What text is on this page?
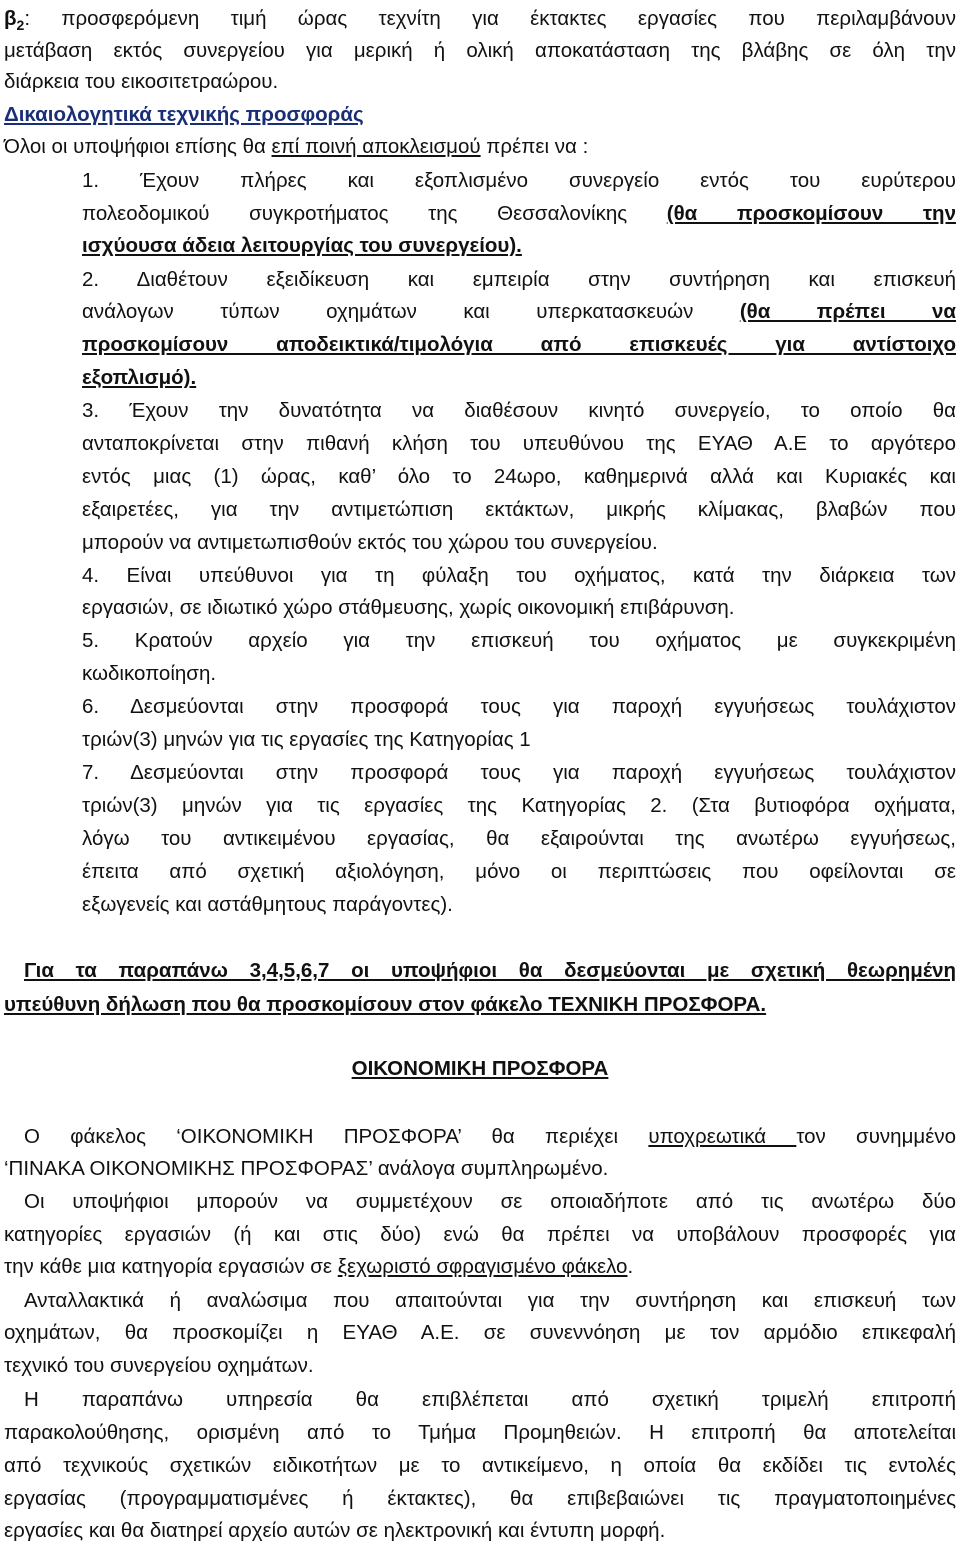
$\beta_2$: προσφερόμενη τιμή ώρας τεχνίτη για έκτακτες εργασίες που περιλαμβάνουν
μετάβαση εκτός συνεργείου για μερική ή ολική αποκατάσταση της βλάβης σε όλη την
διάρκεια του εικοσιτετραώρου.
Δικαιολογητικά τεχνικής προσφοράς
Όλοι οι υποψήφιοι επίσης θα επί ποινή αποκλεισμού πρέπει να :
1. Έχουν πλήρες και εξοπλισμένο συνεργείο εντός του ευρύτερου
πολεοδομικού συγκροτήματος της Θεσσαλονίκης (θα προσκομίσουν την
ισχύουσα άδεια λειτουργίας του συνεργείου).
2. Διαθέτουν εξειδίκευση και εμπειρία στην συντήρηση και επισκευή
ανάλογων τύπων οχημάτων και υπερκατασκευών (θα πρέπει να
προσκομίσουν αποδεικτικά/τιμολόγια από επισκευές για αντίστοιχο
εξοπλισμό).
3. Έχουν την δυνατότητα να διαθέσουν κινητό συνεργείο, το οποίο θα
ανταποκρίνεται στην πιθανή κλήση του υπευθύνου της ΕΥΑΘ Α.Ε το αργότερο
εντός μιας (1) ώρας, καθ’ όλο το 24ωρο, καθημερινά αλλά και Κυριακές και
εξαιρετέες, για την αντιμετώπιση εκτάκτων, μικρής κλίμακας, βλαβών που
μπορούν να αντιμετωπισθούν εκτός του χώρου του συνεργείου.
4. Είναι υπεύθυνοι για τη φύλαξη του οχήματος, κατά την διάρκεια των
εργασιών, σε ιδιωτικό χώρο στάθμευσης, χωρίς οικονομική επιβάρυνση.
5. Κρατούν αρχείο για την επισκευή του οχήματος με συγκεκριμένη
κωδικοποίηση.
6. Δεσμεύονται στην προσφορά τους για παροχή εγγυήσεως τουλάχιστον
τριών(3) μηνών για τις εργασίες της Κατηγορίας 1
7. Δεσμεύονται στην προσφορά τους για παροχή εγγυήσεως τουλάχιστον
τριών(3) μηνών για τις εργασίες της Κατηγορίας 2. (Στα βυτιοφόρα οχήματα,
λόγω του αντικειμένου εργασίας, θα εξαιρούνται της ανωτέρω εγγυήσεως,
έπειτα από σχετική αξιολόγηση, μόνο οι περιπτώσεις που οφείλονται σε
εξωγενείς και αστάθμητους παράγοντες).
Για τα παραπάνω 3,4,5,6,7 οι υποψήφιοι θα δεσμεύονται με σχετική θεωρημένη
υπεύθυνη δήλωση που θα προσκομίσουν στον φάκελο ΤΕΧΝΙΚΗ ΠΡΟΣΦΟΡΑ.
ΟΙΚΟΝΟΜΙΚΗ ΠΡΟΣΦΟΡΑ
Ο φάκελος ‘ΟΙΚΟΝΟΜΙΚΗ ΠΡΟΣΦΟΡΑ’ θα περιέχει υποχρεωτικά τον συνημμένο
‘ΠΙΝΑΚΑ ΟΙΚΟΝΟΜΙΚΗΣ ΠΡΟΣΦΟΡΑΣ’ ανάλογα συμπληρωμένο.
Οι υποψήφιοι μπορούν να συμμετέχουν σε οποιαδήποτε από τις ανωτέρω δύο
κατηγορίες εργασιών (ή και στις δύο) ενώ θα πρέπει να υποβάλουν προσφορές για
την κάθε μια κατηγορία εργασιών σε ξεχωριστό σφραγισμένο φάκελο.
Ανταλλακτικά ή αναλώσιμα που απαιτούνται για την συντήρηση και επισκευή των
οχημάτων, θα προσκομίζει η ΕΥΑΘ Α.Ε. σε συνεννόηση με τον αρμόδιο επικεφαλή
τεχνικό του συνεργείου οχημάτων.
Η παραπάνω υπηρεσία θα επιβλέπεται από σχετική τριμελή επιτροπή
παρακολούθησης, ορισμένη από το Τμήμα Προμηθειών. Η επιτροπή θα αποτελείται
από τεχνικούς σχετικών ειδικοτήτων με το αντικείμενο, η οποία θα εκδίδει τις εντολές
εργασίας (προγραμματισμένες ή έκτακτες), θα επιβεβαιώνει τις πραγματοποιημένες
εργασίες και θα διατηρεί αρχείο αυτών σε ηλεκτρονική και έντυπη μορφή.
